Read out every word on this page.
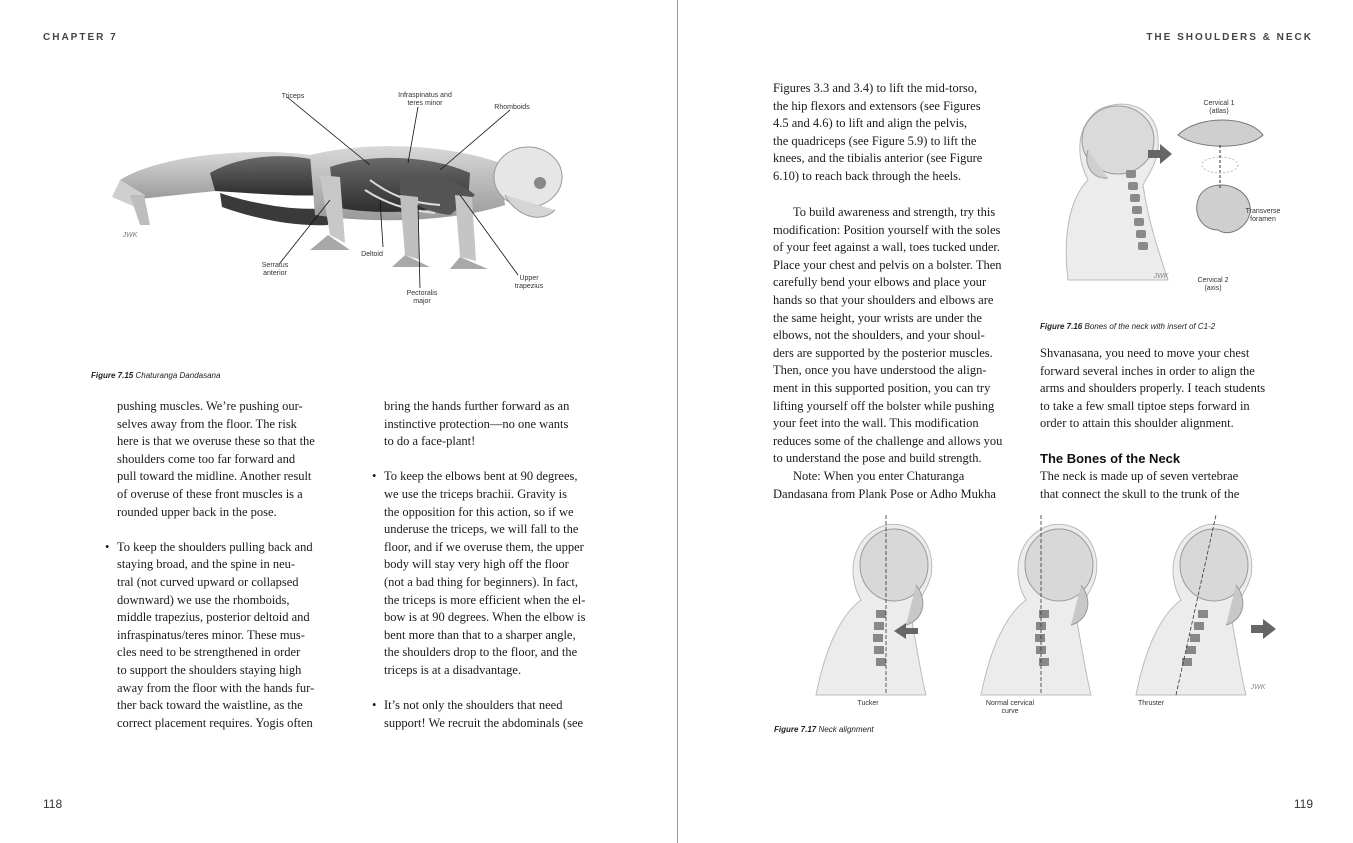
CHAPTER 7
Triceps	Infraspinatus and
teres minor
Rhomboids
JWK
Serratus
anterior
Deltoid
Pectoralis
major
Upper
trapezius
Figure 7.15 Chaturanga Dandasana

pushing muscles. We’re pushing our-

selves away from the floor. The risk

here is that we overuse these so that the

shoulders come too far forward and

pull toward the midline. Another result

of overuse of these front muscles is a

rounded upper back in the pose.

• To keep the shoulders pulling back and

staying broad, and the spine in neu-

tral (not curved upward or collapsed

downward) we use the rhomboids,

middle trapezius, posterior deltoid and

infraspinatus/teres minor. These mus-

cles need to be strengthened in order

to support the shoulders staying high

away from the floor with the hands fur-

ther back toward the waistline, as the

correct placement requires. Yogis often

bring the hands further forward as an

instinctive protection—no one wants

to do a face-plant!

• To keep the elbows bent at 90 degrees,

we use the triceps brachii. Gravity is

the opposition for this action, so if we

underuse the triceps, we will fall to the

floor, and if we overuse them, the upper

body will stay very high off the floor

(not a bad thing for beginners). In fact,

the triceps is more efficient when the el-

bow is at 90 degrees. When the elbow is

bent more than that to a sharper angle,

the shoulders drop to the floor, and the

triceps is at a disadvantage.

• It’s not only the shoulders that need

support! We recruit the abdominals (see

118
THE SHOULDERS & NECK

Figures 3.3 and 3.4) to lift the mid-torso,

the hip flexors and extensors (see Figures

4.5 and 4.6) to lift and align the pelvis,

the quadriceps (see Figure 5.9) to lift the

knees, and the tibialis anterior (see Figure

6.10) to reach back through the heels.

To build awareness and strength, try this

modification: Position yourself with the soles

of your feet against a wall, toes tucked under.

Place your chest and pelvis on a bolster. Then

carefully bend your elbows and place your

hands so that your shoulders and elbows are

the same height, your wrists are under the

elbows, not the shoulders, and your shoul-

ders are supported by the posterior muscles.

Then, once you have understood the align-

ment in this supported position, you can try

lifting yourself off the bolster while pushing

your feet into the wall. This modification

reduces some of the challenge and allows you

to understand the pose and build strength.

Note: When you enter Chaturanga

Dandasana from Plank Pose or Adho Mukha

Cervical 1
(atlas)
Transverse
foramen
JWK
Cervical 2
(axis)
Figure 7.16 Bones of the neck with insert of C1-2

Shvanasana, you need to move your chest

forward several inches in order to align the

arms and shoulders properly. I teach students

to take a few small tiptoe steps forward in

order to attain this shoulder alignment.

The Bones of the Neck

The neck is made up of seven vertebrae

that connect the skull to the trunk of the

JWK
Tucker	Normal cervical
curve
Thruster
Figure 7.17 Neck alignment
119
